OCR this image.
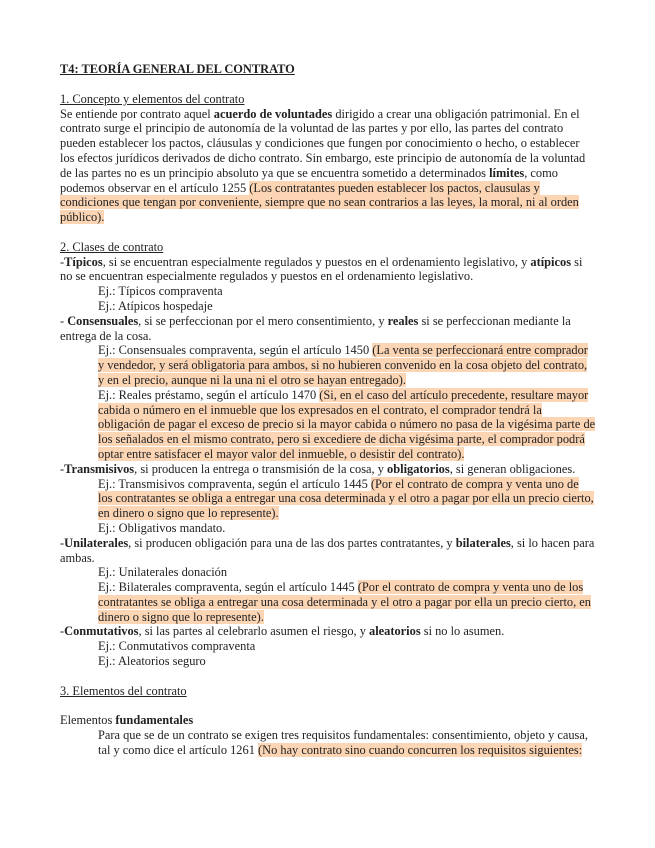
T4: TEORÍA GENERAL DEL CONTRATO

1. Concepto y elementos del contrato

Se entiende por contrato aquel acuerdo de voluntades dirigido a crear una obligación patrimonial. En el contrato surge el principio de autonomía de la voluntad de las partes y por ello, las partes del contrato pueden establecer los pactos, cláusulas y condiciones que fungen por conocimiento o hecho, o establecer los efectos jurídicos derivados de dicho contrato. Sin embargo, este principio de autonomía de la voluntad de las partes no es un principio absoluto ya que se encuentra sometido a determinados límites, como podemos observar en el artículo 1255 (Los contratantes pueden establecer los pactos, clausulas y condiciones que tengan por conveniente, siempre que no sean contrarios a las leyes, la moral, ni al orden público).

2. Clases de contrato

-Típicos, si se encuentran especialmente regulados y puestos en el ordenamiento legislativo, y atípicos si no se encuentran especialmente regulados y puestos en el ordenamiento legislativo.

Ej.: Típicos compraventa

Ej.: Atípicos hospedaje

- Consensuales, si se perfeccionan por el mero consentimiento, y reales si se perfeccionan mediante la entrega de la cosa.

Ej.: Consensuales compraventa, según el artículo 1450 (La venta se perfeccionará entre comprador y vendedor, y será obligatoria para ambos, si no hubieren convenido en la cosa objeto del contrato, y en el precio, aunque ni la una ni el otro se hayan entregado).

Ej.: Reales préstamo, según el artículo 1470 (Si, en el caso del artículo precedente, resultare mayor cabida o número en el inmueble que los expresados en el contrato, el comprador tendrá la obligación de pagar el exceso de precio si la mayor cabida o número no pasa de la vigésima parte de los señalados en el mismo contrato, pero si excediere de dicha vigésima parte, el comprador podrá optar entre satisfacer el mayor valor del inmueble, o desistir del contrato).

-Transmisivos, si producen la entrega o transmisión de la cosa, y obligatorios, si generan obligaciones.

Ej.: Transmisivos compraventa, según el artículo 1445 (Por el contrato de compra y venta uno de los contratantes se obliga a entregar una cosa determinada y el otro a pagar por ella un precio cierto, en dinero o signo que lo represente).

Ej.: Obligativos mandato.

-Unilaterales, si producen obligación para una de las dos partes contratantes, y bilaterales, si lo hacen para ambas.

Ej.: Unilaterales donación

Ej.: Bilaterales compraventa, según el artículo 1445 (Por el contrato de compra y venta uno de los contratantes se obliga a entregar una cosa determinada y el otro a pagar por ella un precio cierto, en dinero o signo que lo represente).

-Conmutativos, si las partes al celebrarlo asumen el riesgo, y aleatorios si no lo asumen.

Ej.: Conmutativos compraventa

Ej.: Aleatorios seguro

3. Elementos del contrato

Elementos fundamentales

Para que se de un contrato se exigen tres requisitos fundamentales: consentimiento, objeto y causa, tal y como dice el artículo 1261 (No hay contrato sino cuando concurren los requisitos siguientes:
